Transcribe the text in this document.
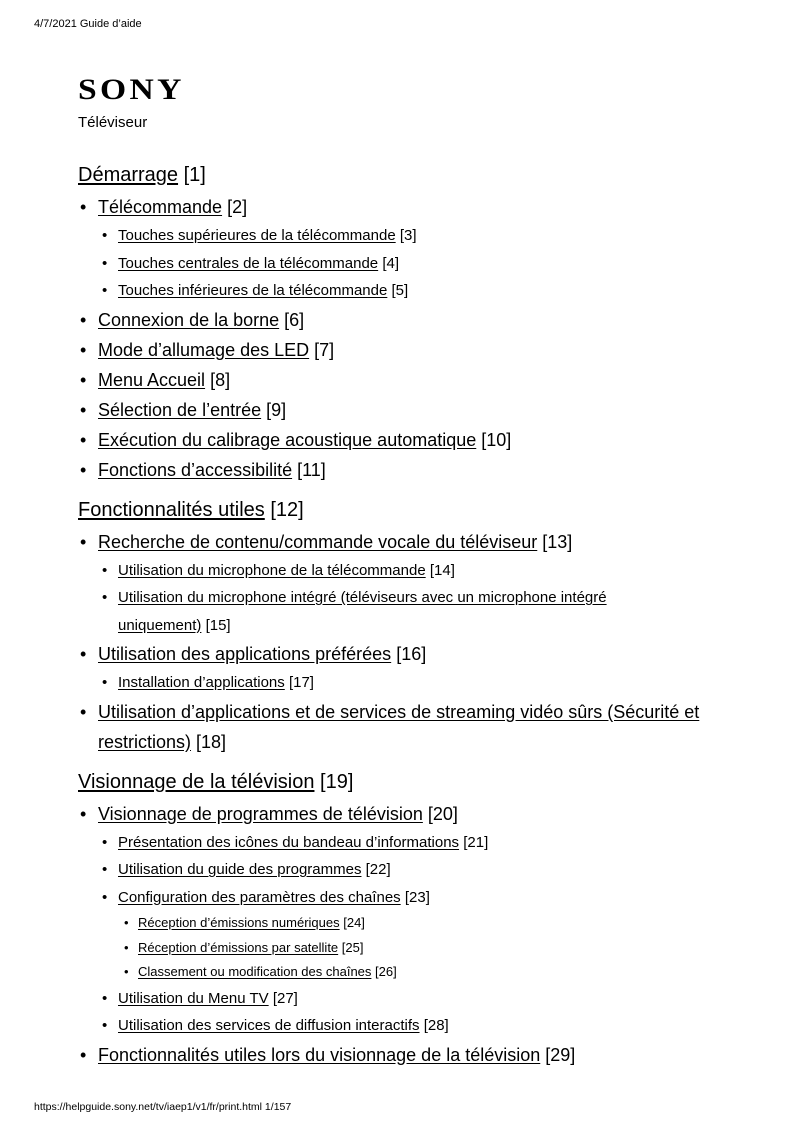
4/7/2021 Guide d’aide
SONY
Téléviseur
Démarrage [1]
• Télécommande [2]
• Touches supérieures de la télécommande [3]
• Touches centrales de la télécommande [4]
• Touches inférieures de la télécommande [5]
• Connexion de la borne [6]
• Mode d’allumage des LED [7]
• Menu Accueil [8]
• Sélection de l’entrée [9]
• Exécution du calibrage acoustique automatique [10]
• Fonctions d’accessibilité [11]
Fonctionnalités utiles [12]
• Recherche de contenu/commande vocale du téléviseur [13]
• Utilisation du microphone de la télécommande [14]
• Utilisation du microphone intégré (téléviseurs avec un microphone intégré uniquement) [15]
• Utilisation des applications préférées [16]
• Installation d’applications [17]
• Utilisation d’applications et de services de streaming vidéo sûrs (Sécurité et restrictions) [18]
Visionnage de la télévision [19]
• Visionnage de programmes de télévision [20]
• Présentation des icônes du bandeau d’informations [21]
• Utilisation du guide des programmes [22]
• Configuration des paramètres des chaînes [23]
• Réception d’émissions numériques [24]
• Réception d’émissions par satellite [25]
• Classement ou modification des chaînes [26]
• Utilisation du Menu TV [27]
• Utilisation des services de diffusion interactifs [28]
• Fonctionnalités utiles lors du visionnage de la télévision [29]
https://helpguide.sony.net/tv/iaep1/v1/fr/print.html 1/157
